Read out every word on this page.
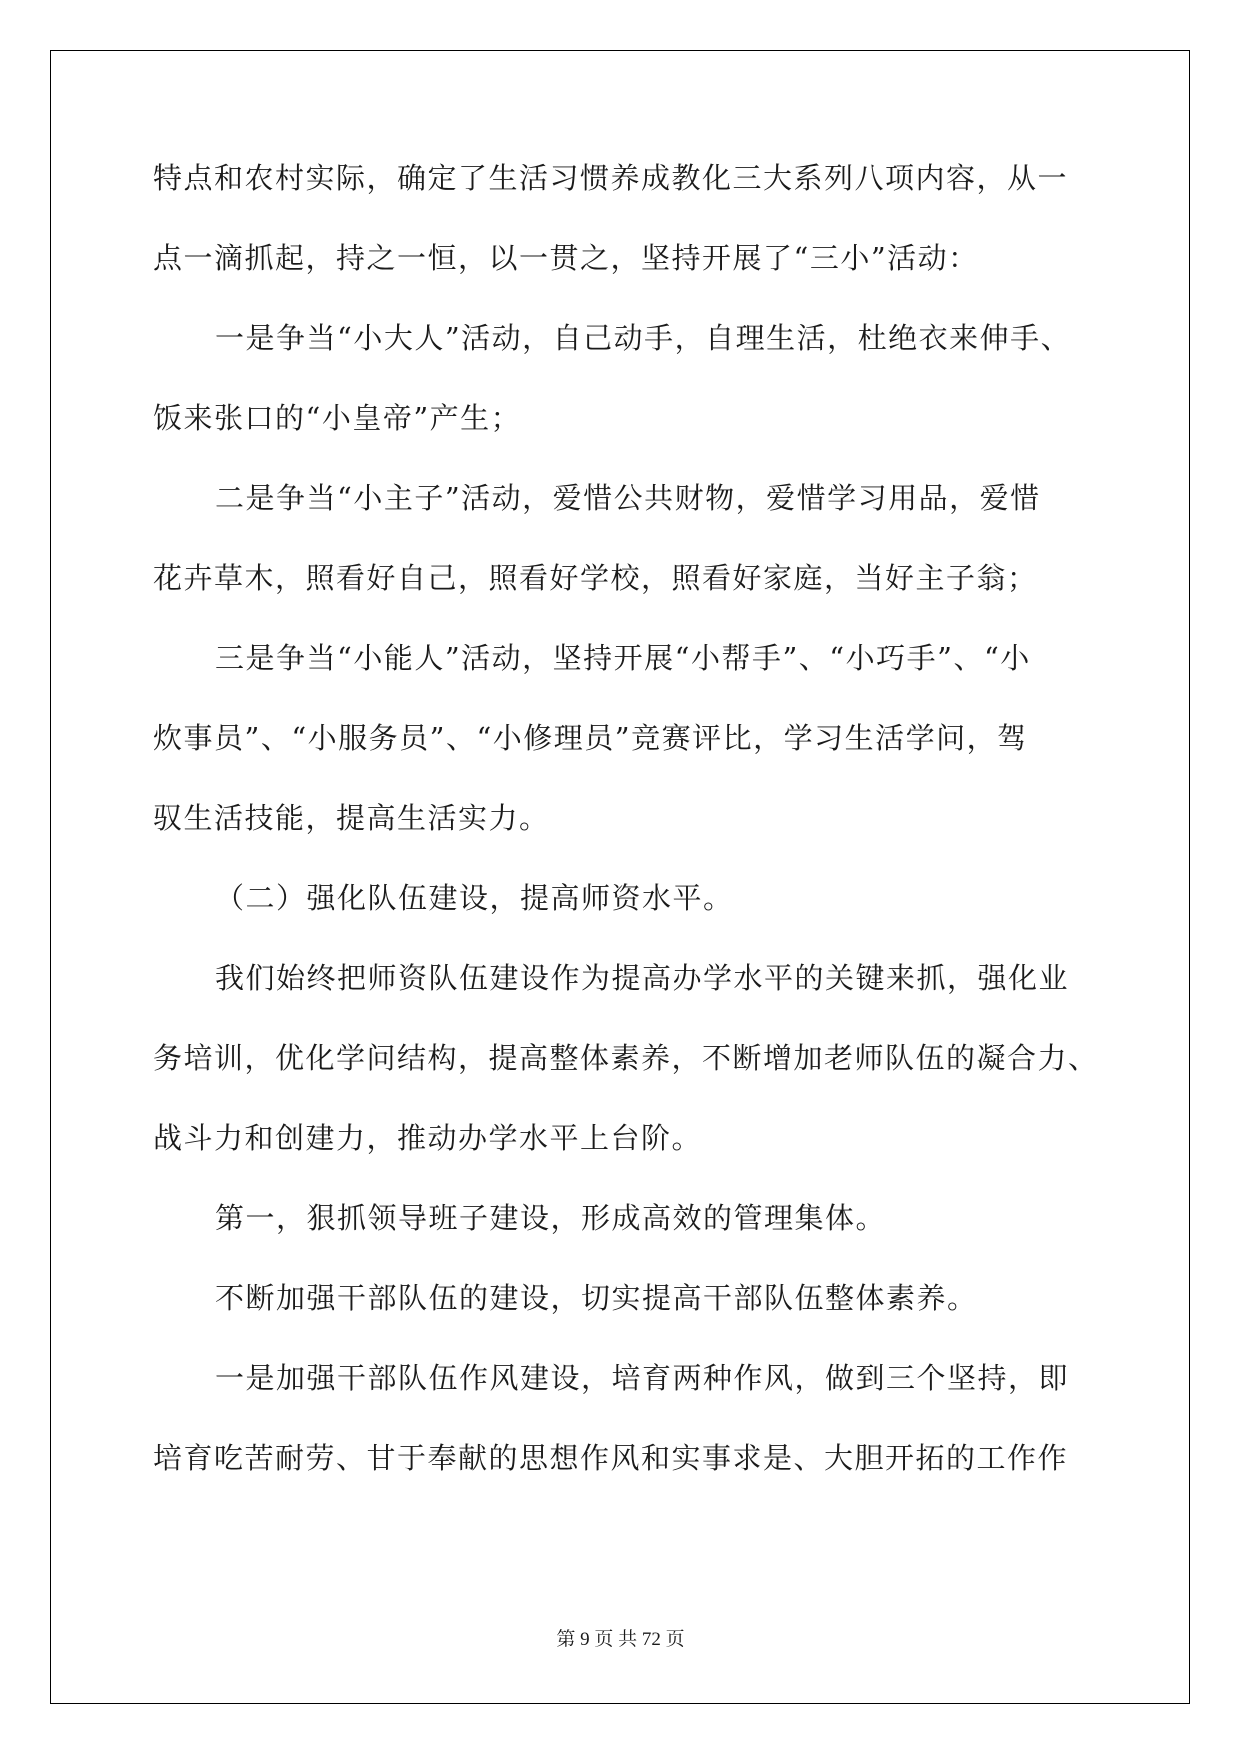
特点和农村实际，确定了生活习惯养成教化三大系列八项内容，从一
点一滴抓起，持之一恒，以一贯之，坚持开展了“三小”活动：
一是争当“小大人”活动，自己动手，自理生活，杜绝衣来伸手、
饭来张口的“小皇帝”产生；
二是争当“小主子”活动，爱惜公共财物，爱惜学习用品，爱惜
花卉草木，照看好自己，照看好学校，照看好家庭，当好主子翁；
三是争当“小能人”活动，坚持开展“小帮手”、“小巧手”、“小
炊事员”、“小服务员”、“小修理员”竞赛评比，学习生活学问，驾
驭生活技能，提高生活实力。
（二）强化队伍建设，提高师资水平。
我们始终把师资队伍建设作为提高办学水平的关键来抓，强化业
务培训，优化学问结构，提高整体素养，不断增加老师队伍的凝合力、
战斗力和创建力，推动办学水平上台阶。
第一，狠抓领导班子建设，形成高效的管理集体。
不断加强干部队伍的建设，切实提高干部队伍整体素养。
一是加强干部队伍作风建设，培育两种作风，做到三个坚持，即
培育吃苦耐劳、甘于奉献的思想作风和实事求是、大胆开拓的工作作
第 9 页 共 72 页
